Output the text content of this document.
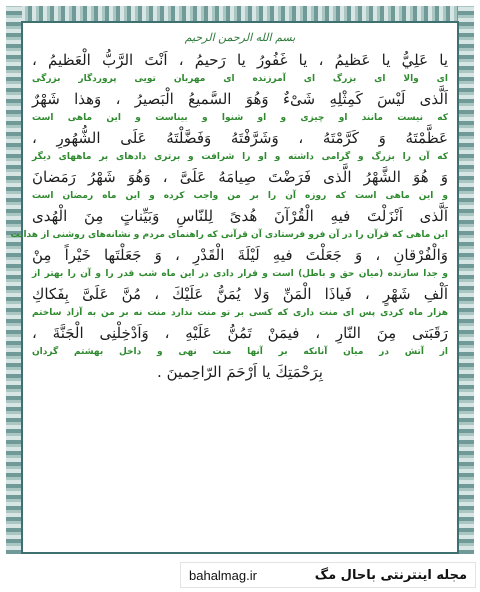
بسم الله الرحمن الرحيم
يا عَلِيُّ يا عَظيمُ ، يا غَفُورُ يا رَحيمُ ، اَنْتَ الرَّبُّ الْعَظيمُ ،
ای والا ای بزرگ ای آمرزنده ای مهربان تویی پروردگار بزرگی
اَلَّذى لَيْسَ كَمِثْلِهِ شَىْءٌ وَهُوَ السَّميعُ الْبَصيرُ ، وَهذا شَهْرٌ
که نیست مانند او چیزی و او شنوا و بیناست و این ماهی است
عَظَّمْتَهُ وَ كَرَّمْتَهُ ، وَشَرَّفْتَهُ وَفَضَّلْتَهُ عَلَى الشُّهُورِ ،
که آن را بزرگ و گرامی داشته و او را شرافت و برتری دادهای بر ماههای دیگر
وَ هُوَ الشَّهْرُ الَّذى فَرَضْتَ صِيامَهُ عَلَىَّ ، وَهُوَ شَهْرُ رَمَضانَ
و این ماهی است که روزه آن را بر من واجب کرده و این ماه رمضان است
اَلَّذى اَنْزَلْتَ فيهِ الْقُرْآنَ هُدىً لِلنّاسِ وَبَيِّناتٍ مِنَ الْهُدى
این ماهی که قرآن را در آن فرو فرستادی آن قرآنی که راهنمای مردم و نشانه‌های روشنی از هدایت
وَالْفُرْقانِ ، وَ جَعَلْتَ فيهِ لَيْلَةَ الْقَدْرِ ، وَ جَعَلْتَها خَيْراً مِنْ
و جدا سازنده (میان حق و باطل) است و قرار دادی در این ماه شب قدر را و آن را بهتر از
اَلْفِ شَهْرٍ ، فَياذَا الْمَنِّ وَلا يُمَنُّ عَلَيْكَ ، مُنَّ عَلَىَّ بِفَكاكِ
هزار ماه کردی پس ای منت داری که کسی بر تو منت ندارد منت نه بر من به آزاد ساختم
رَقَبَتى مِنَ النّارِ ، فيمَنْ تَمُنُّ عَلَيْهِ ، وَاَدْخِلْنِى الْجَنَّةَ ،
از آتش در میان آنانکه بر آنها منت نهی و داخل بهشتم گردان
بِرَحْمَتِكَ يا اَرْحَمَ الرّاحِمينَ .
مجله اینترنتی باحال مگ
bahalmag.ir
